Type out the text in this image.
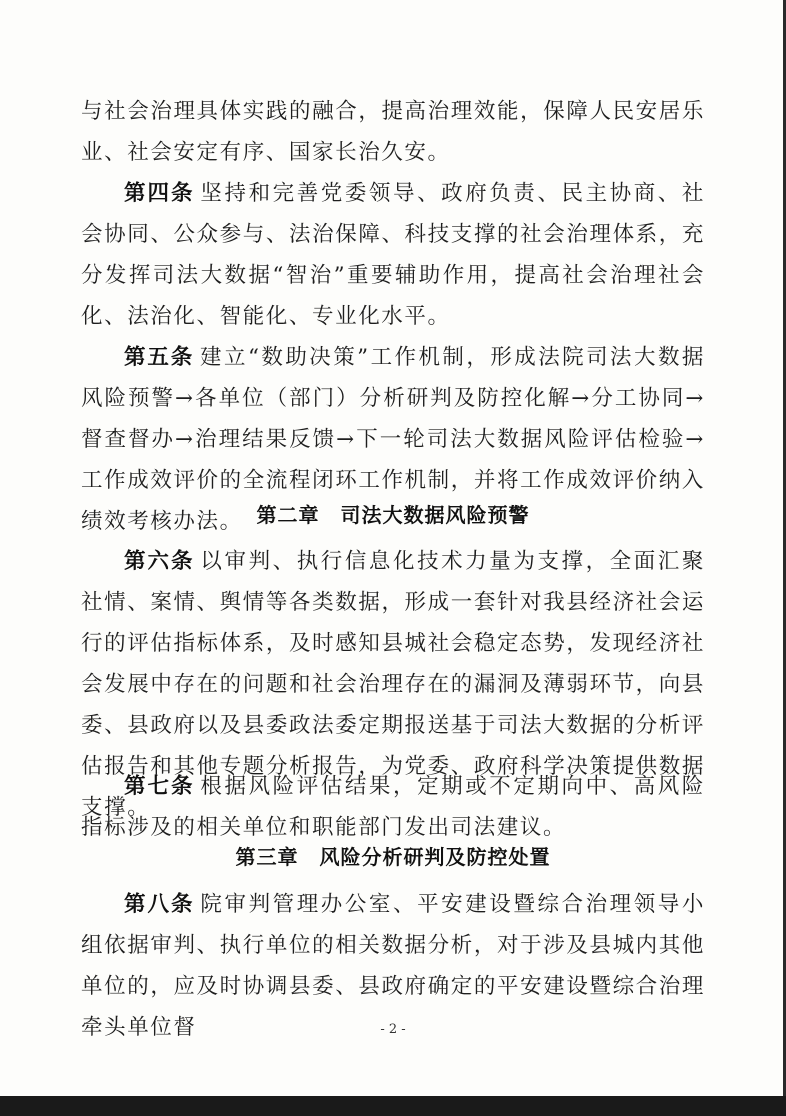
与社会治理具体实践的融合，提高治理效能，保障人民安居乐业、社会安定有序、国家长治久安。

第四条 坚持和完善党委领导、政府负责、民主协商、社会协同、公众参与、法治保障、科技支撑的社会治理体系，充分发挥司法大数据“智治”重要辅助作用，提高社会治理社会化、法治化、智能化、专业化水平。

第五条 建立“数助决策”工作机制，形成法院司法大数据风险预警→各单位（部门）分析研判及防控化解→分工协同→督查督办→治理结果反馈→下一轮司法大数据风险评估检验→工作成效评价的全流程闭环工作机制，并将工作成效评价纳入绩效考核办法。 第二章　司法大数据风险预警

第六条 以审判、执行信息化技术力量为支撑，全面汇聚社情、案情、舆情等各类数据，形成一套针对我县经济社会运行的评估指标体系，及时感知县城社会稳定态势，发现经济社会发展中存在的问题和社会治理存在的漏洞及薄弱环节，向县委、县政府以及县委政法委定期报送基于司法大数据的分析评估报告和其他专题分析报告，为党委、政府科学决策提供数据支撑。

第七条 根据风险评估结果，定期或不定期向中、高风险指标涉及的相关单位和职能部门发出司法建议。

第三章　风险分析研判及防控处置

第八条 院审判管理办公室、平安建设暨综合治理领导小组依据审判、执行单位的相关数据分析，对于涉及县城内其他单位的，应及时协调县委、县政府确定的平安建设暨综合治理牵头单位督	- 2 -
